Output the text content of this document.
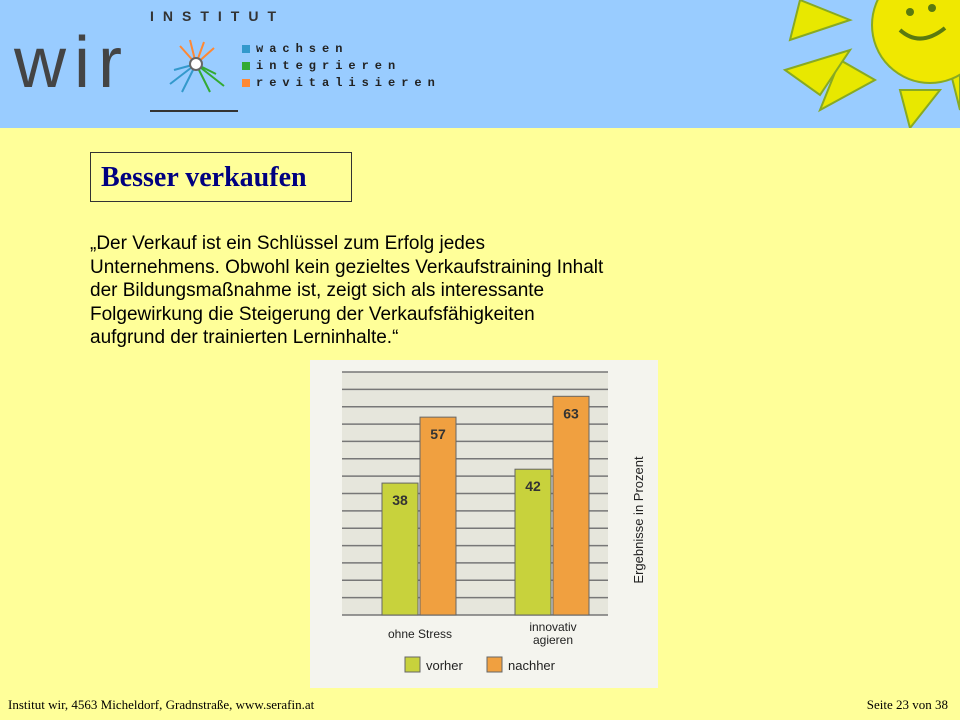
INSTITUT
wir	wachsen
integrieren
revitalisieren
Besser verkaufen
„Der Verkauf ist ein Schlüssel zum Erfolg jedes
Unternehmens. Obwohl kein gezieltes Verkaufstraining Inhalt
der Bildungsmaßnahme ist, zeigt sich als interessante
Folgewirkung die Steigerung der Verkaufsfähigkeiten
aufgrund der trainierten Lerninhalte.“
38
57
ohne Stress
42
63
innovativ
agieren
vorher	nachher
Ergebnisse in Prozent
Institut wir, 4563 Micheldorf, Gradnstraße, www.serafin.at	Seite 23 von 38
